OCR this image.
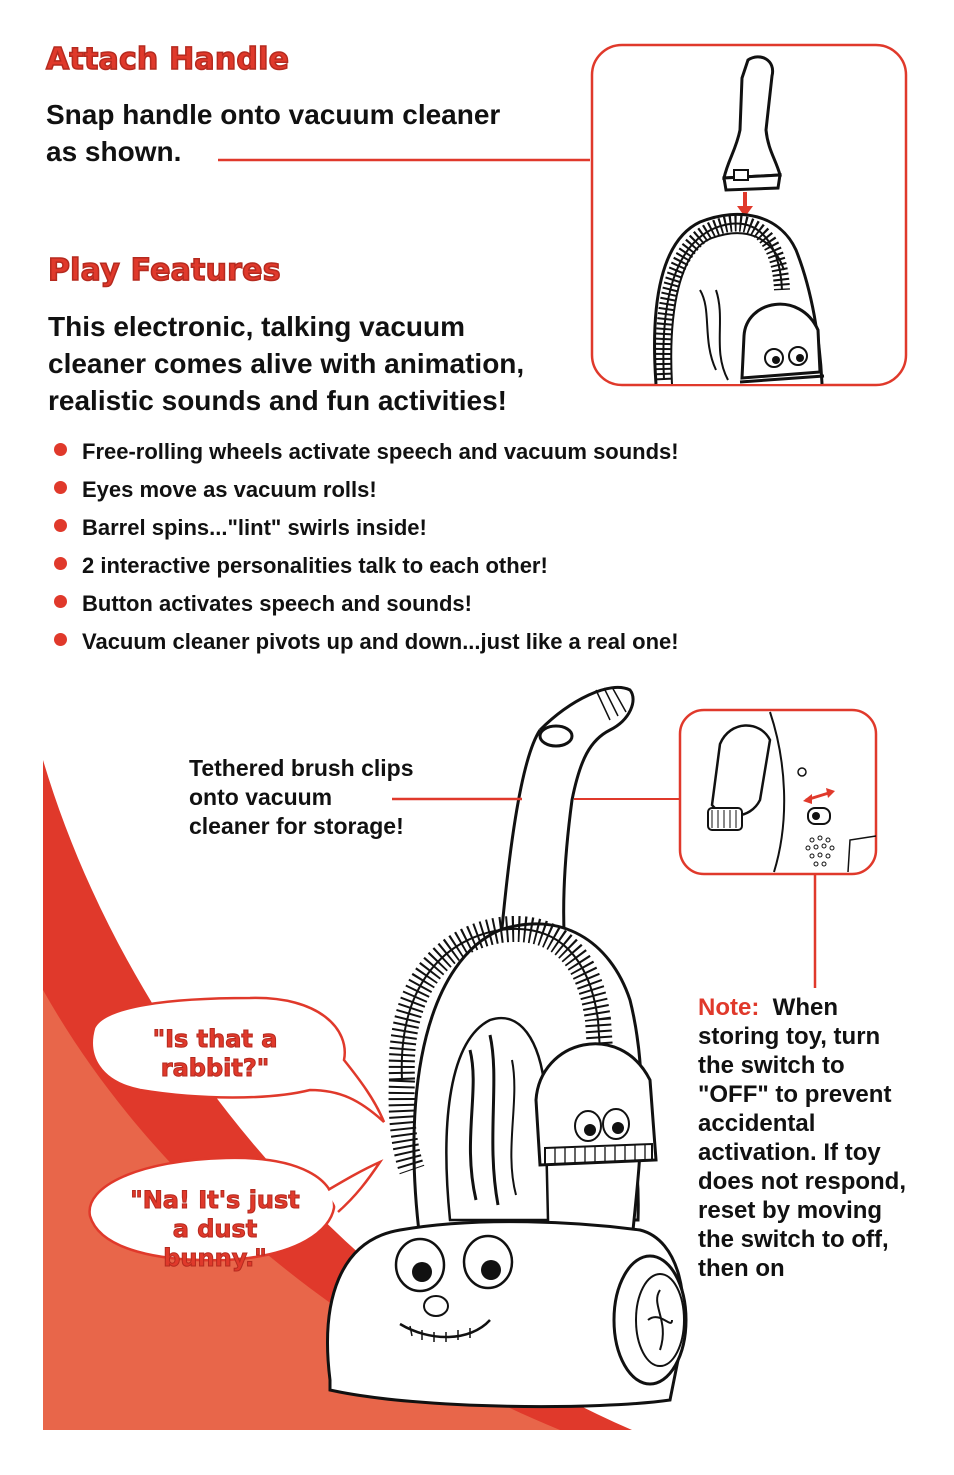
Attach Handle
Snap handle onto vacuum cleaner
as shown.
Play Features
This electronic, talking vacuum
cleaner comes alive with animation,
realistic sounds and fun activities!
Free-rolling wheels activate speech and vacuum sounds!
Eyes move as vacuum rolls!
Barrel spins..."lint" swirls inside!
2 interactive personalities talk to each other!
Button activates speech and sounds!
Vacuum cleaner pivots up and down...just like a real one!
Tethered brush clips
onto vacuum
cleaner for storage!
"Is that a
rabbit?"
"Na! It's just
a dust
bunny."
Note: When storing toy, turn the switch to "OFF" to prevent accidental activation. If toy does not respond, reset by moving the switch to off, then on
